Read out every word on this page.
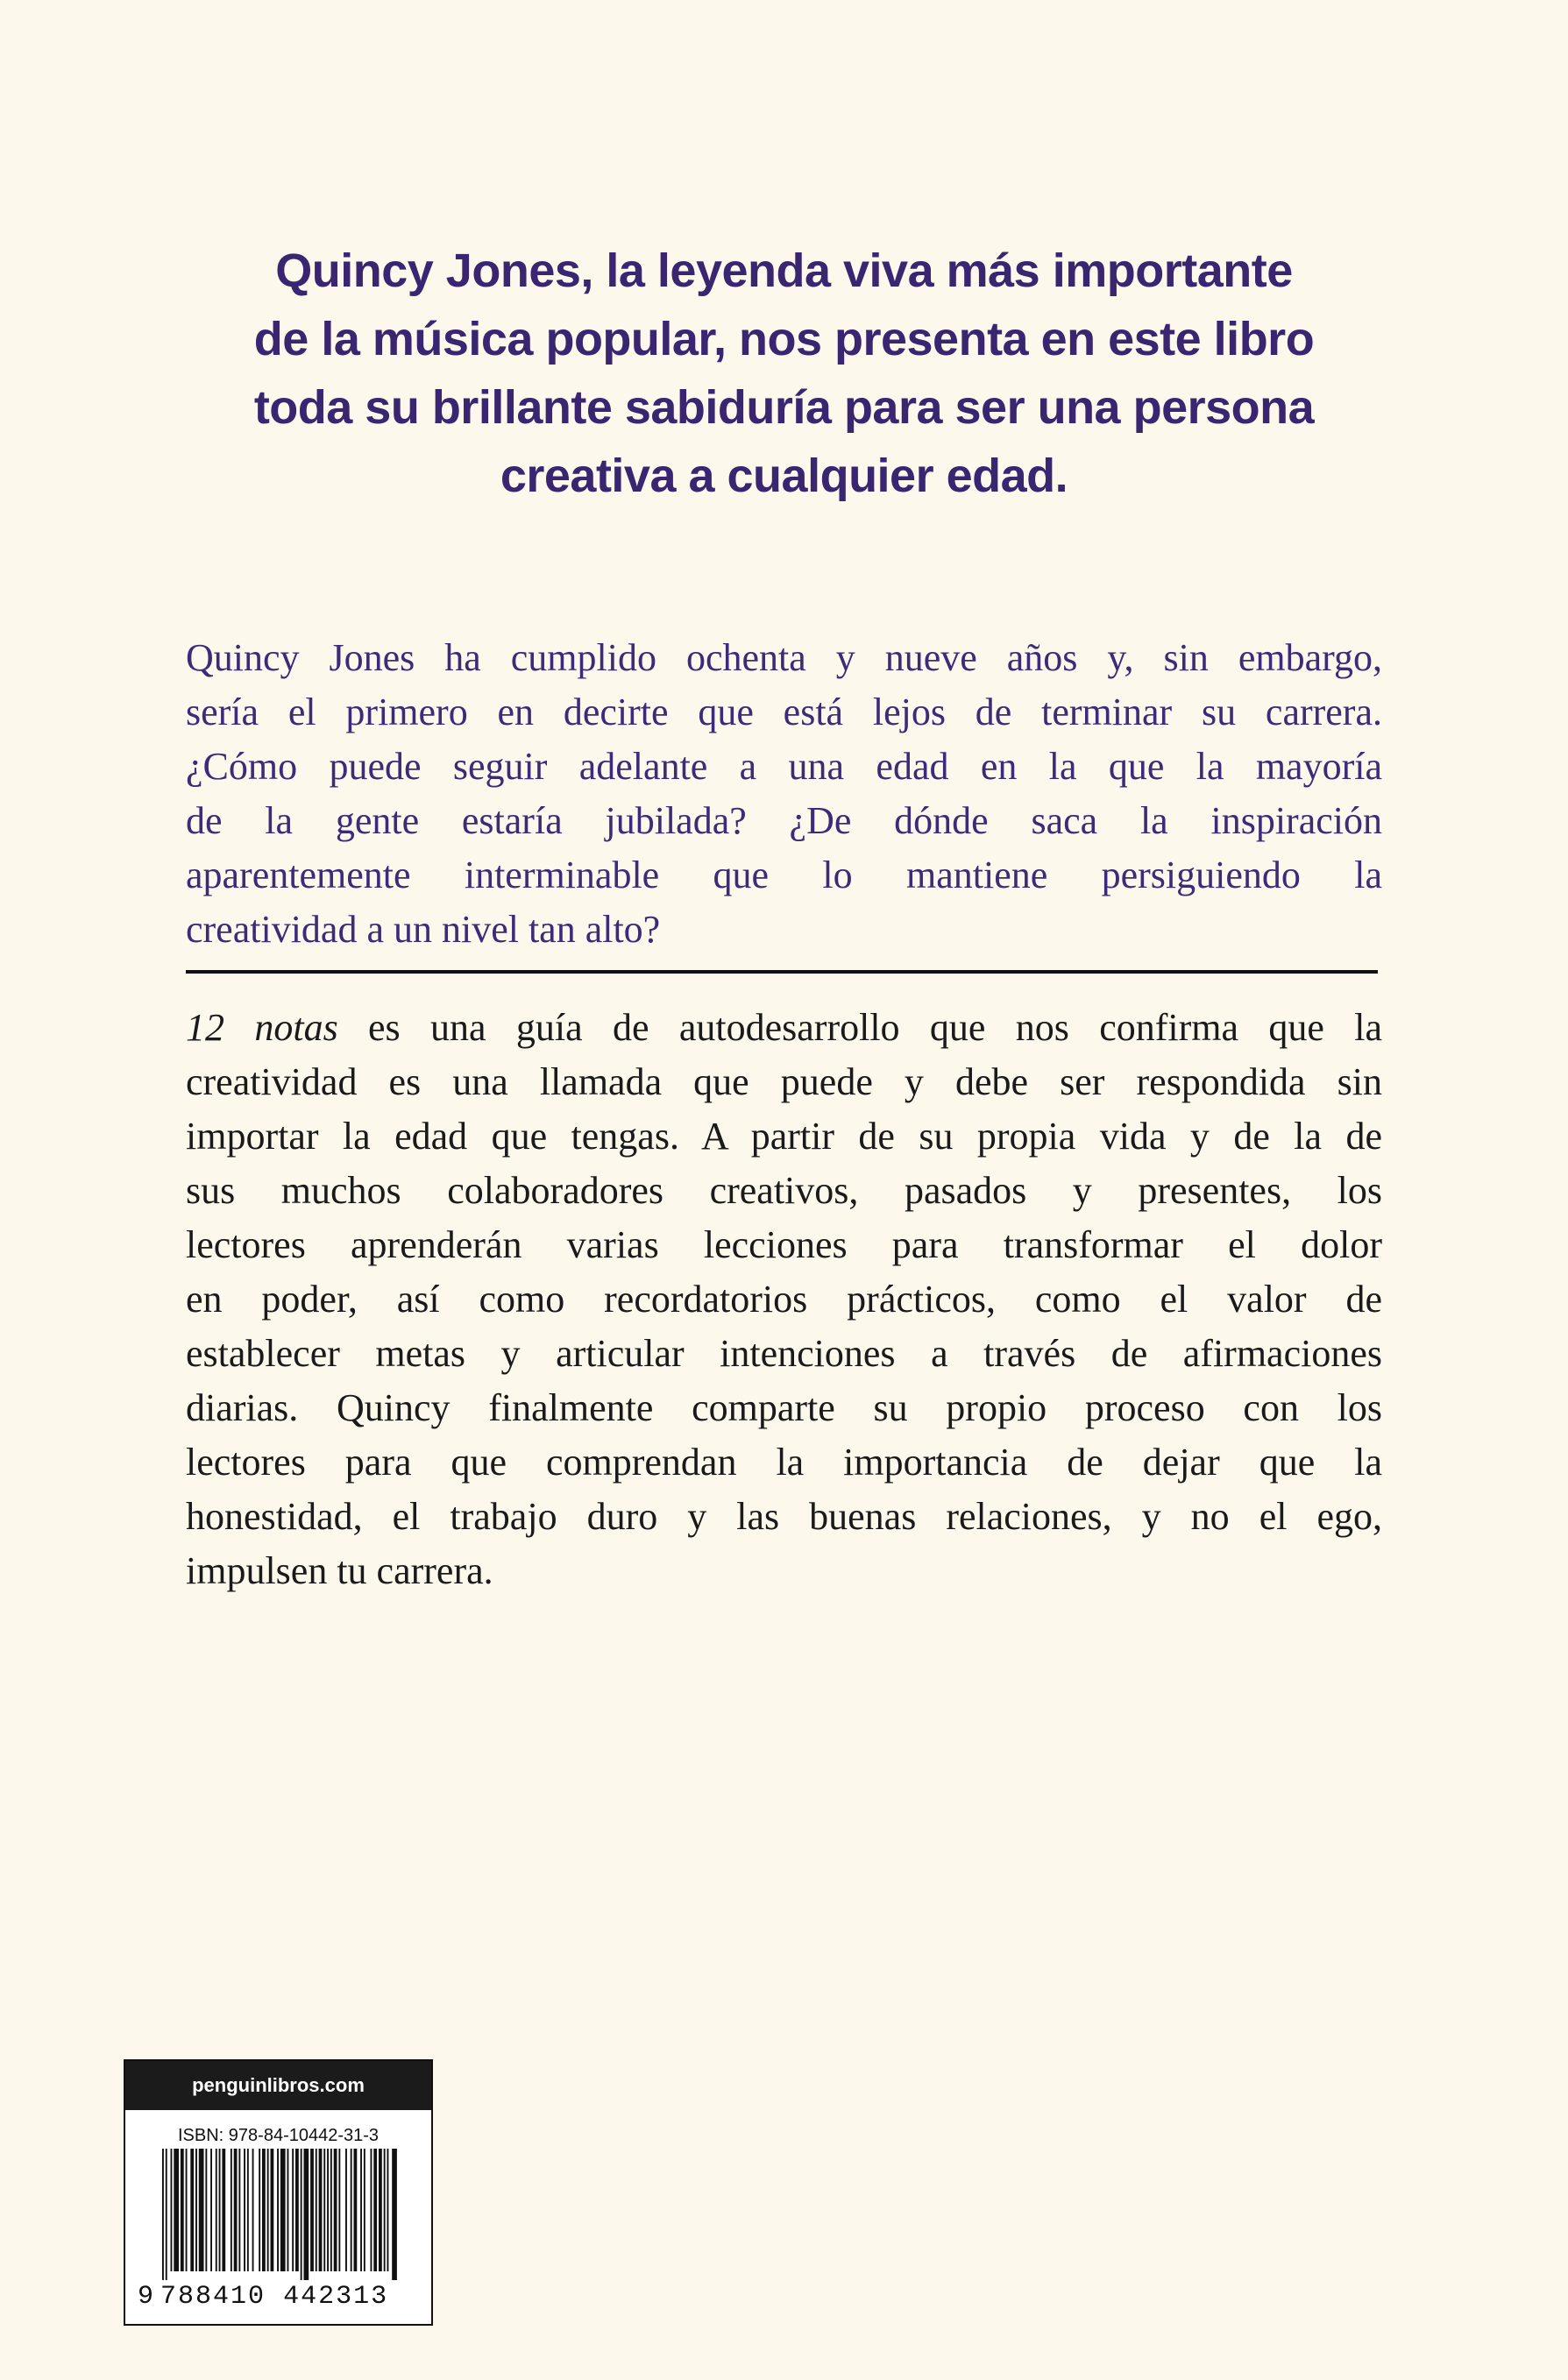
Quincy Jones, la leyenda viva más importante
de la música popular, nos presenta en este libro
toda su brillante sabiduría para ser una persona
creativa a cualquier edad.

Quincy Jones ha cumplido ochenta y nueve años y, sin embargo,
sería el primero en decirte que está lejos de terminar su carrera.
¿Cómo puede seguir adelante a una edad en la que la mayoría
de la gente estaría jubilada? ¿De dónde saca la inspiración
aparentemente interminable que lo mantiene persiguiendo la
creatividad a un nivel tan alto?

12 notas es una guía de autodesarrollo que nos confirma que la
creatividad es una llamada que puede y debe ser respondida sin
importar la edad que tengas. A partir de su propia vida y de la de
sus muchos colaboradores creativos, pasados y presentes, los
lectores aprenderán varias lecciones para transformar el dolor
en poder, así como recordatorios prácticos, como el valor de
establecer metas y articular intenciones a través de afirmaciones
diarias. Quincy finalmente comparte su propio proceso con los
lectores para que comprendan la importancia de dejar que la
honestidad, el trabajo duro y las buenas relaciones, y no el ego,
impulsen tu carrera.

penguinlibros.com
ISBN: 978-84-10442-31-3
9 788410 442313
